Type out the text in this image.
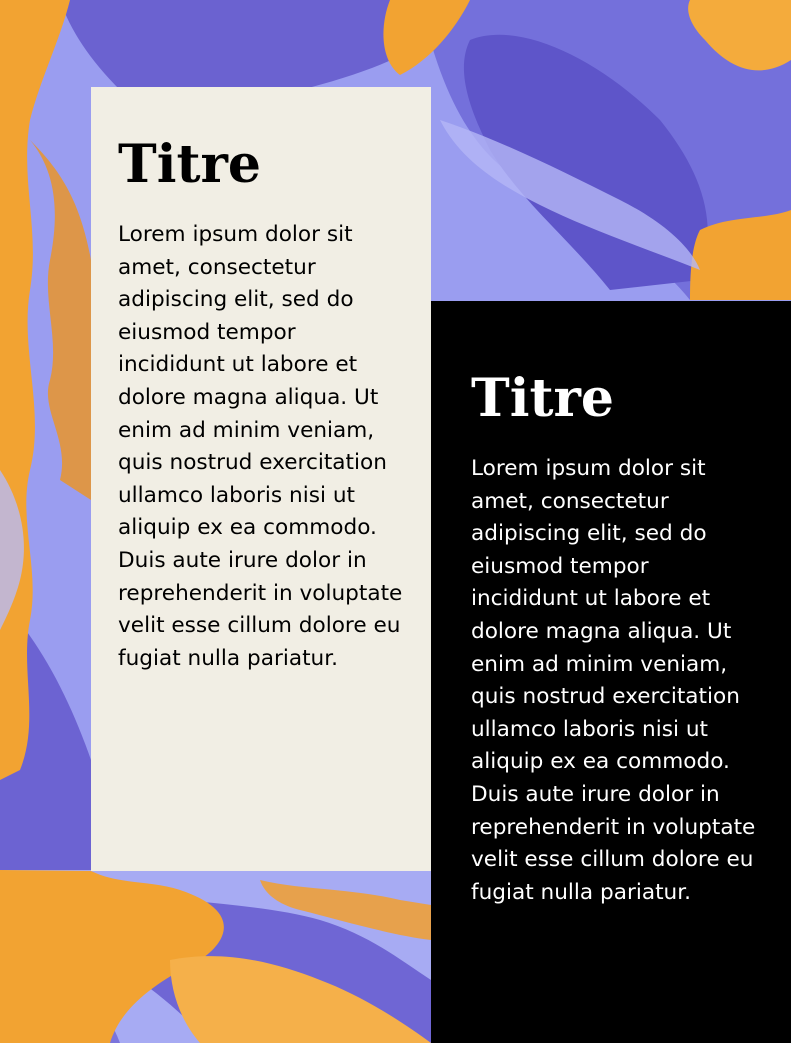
Titre

Lorem ipsum dolor sit amet, consectetur adipiscing elit, sed do eiusmod tempor incididunt ut labore et dolore magna aliqua. Ut enim ad minim veniam, quis nostrud exercitation ullamco laboris nisi ut aliquip ex ea commodo. Duis aute irure dolor in reprehenderit in voluptate velit esse cillum dolore eu fugiat nulla pariatur.

Titre

Lorem ipsum dolor sit amet, consectetur adipiscing elit, sed do eiusmod tempor incididunt ut labore et dolore magna aliqua. Ut enim ad minim veniam, quis nostrud exercitation ullamco laboris nisi ut aliquip ex ea commodo. Duis aute irure dolor in reprehenderit in voluptate velit esse cillum dolore eu fugiat nulla pariatur.
